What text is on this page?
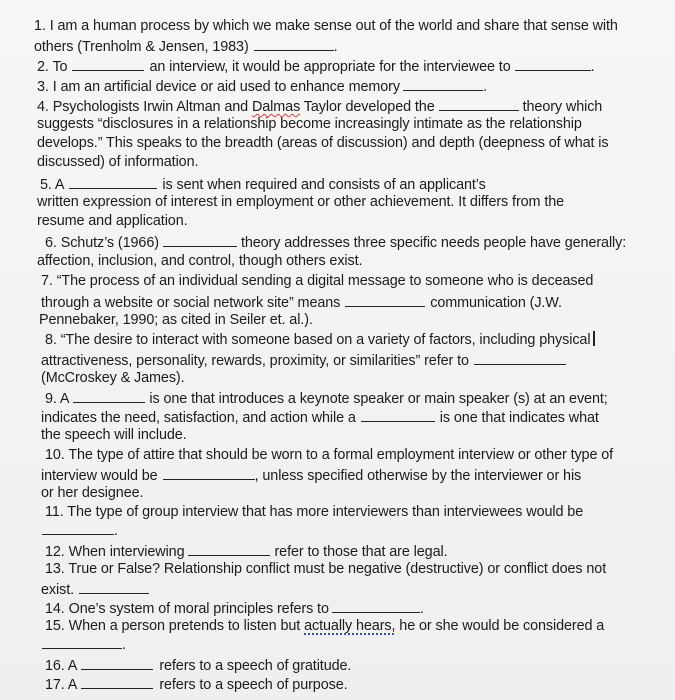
1. I am a human process by which we make sense out of the world and share that sense with
others (Trenholm & Jensen, 1983)	.
2. To	an interview, it would be appropriate for the interviewee to	.
3. I am an artificial device or aid used to enhance memory	.
4. Psychologists Irwin Altman and Dalmas Taylor developed the	theory which
suggests “disclosures in a relationship become increasingly intimate as the relationship
develops.” This speaks to the breadth (areas of discussion) and depth (deepness of what is
discussed) of information.
5. A	is sent when required and consists of an applicant’s
written expression of interest in employment or other achievement. It differs from the
resume and application.
6. Schutz’s (1966)	theory addresses three specific needs people have generally:
affection, inclusion, and control, though others exist.
7. “The process of an individual sending a digital message to someone who is deceased
through a website or social network site” means	communication (J.W.
Pennebaker, 1990; as cited in Seiler et. al.).
8. “The desire to interact with someone based on a variety of factors, including physical
attractiveness, personality, rewards, proximity, or similarities” refer to
(McCroskey & James).
9. A	is one that introduces a keynote speaker or main speaker (s) at an event;
indicates the need, satisfaction, and action while a	is one that indicates what
the speech will include.
10. The type of attire that should be worn to a formal employment interview or other type of
interview would be	, unless specified otherwise by the interviewer or his
or her designee.
11. The type of group interview that has more interviewers than interviewees would be
.
12. When interviewing	refer to those that are legal.
13. True or False? Relationship conflict must be negative (destructive) or conflict does not
exist.
14. One’s system of moral principles refers to	.
15. When a person pretends to listen but actually hears, he or she would be considered a
.
16. A	refers to a speech of gratitude.
17. A	refers to a speech of purpose.
